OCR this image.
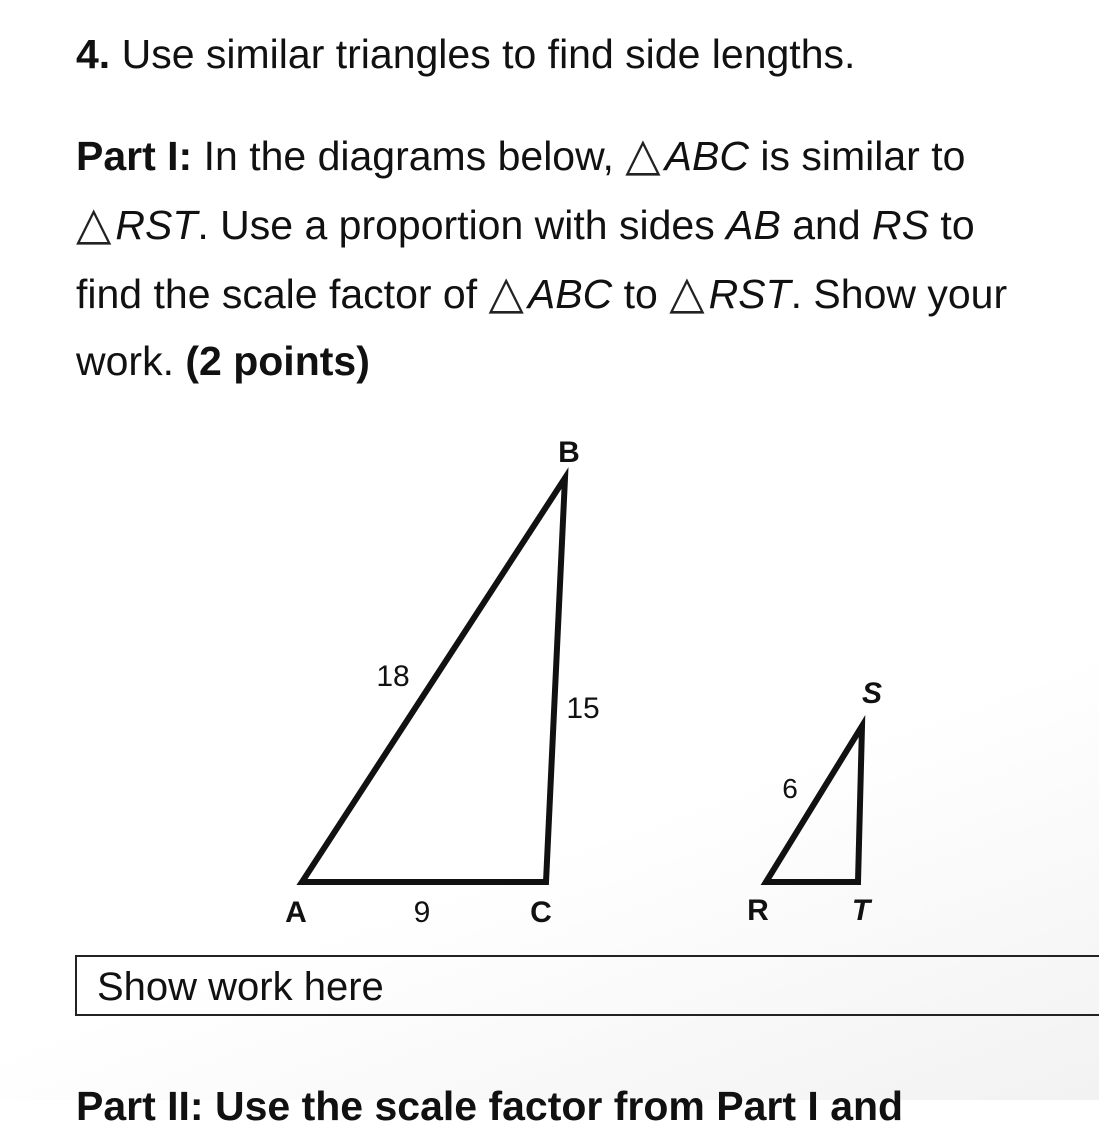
4. Use similar triangles to find side lengths.
Part I: In the diagrams below, △ABC is similar to
△RST. Use a proportion with sides AB and RS to
find the scale factor of △ABC to △RST. Show your
work. (2 points)
B
A	C
18
15
9
S
R	T
6
Show work here
Part II: Use the scale factor from Part I and
